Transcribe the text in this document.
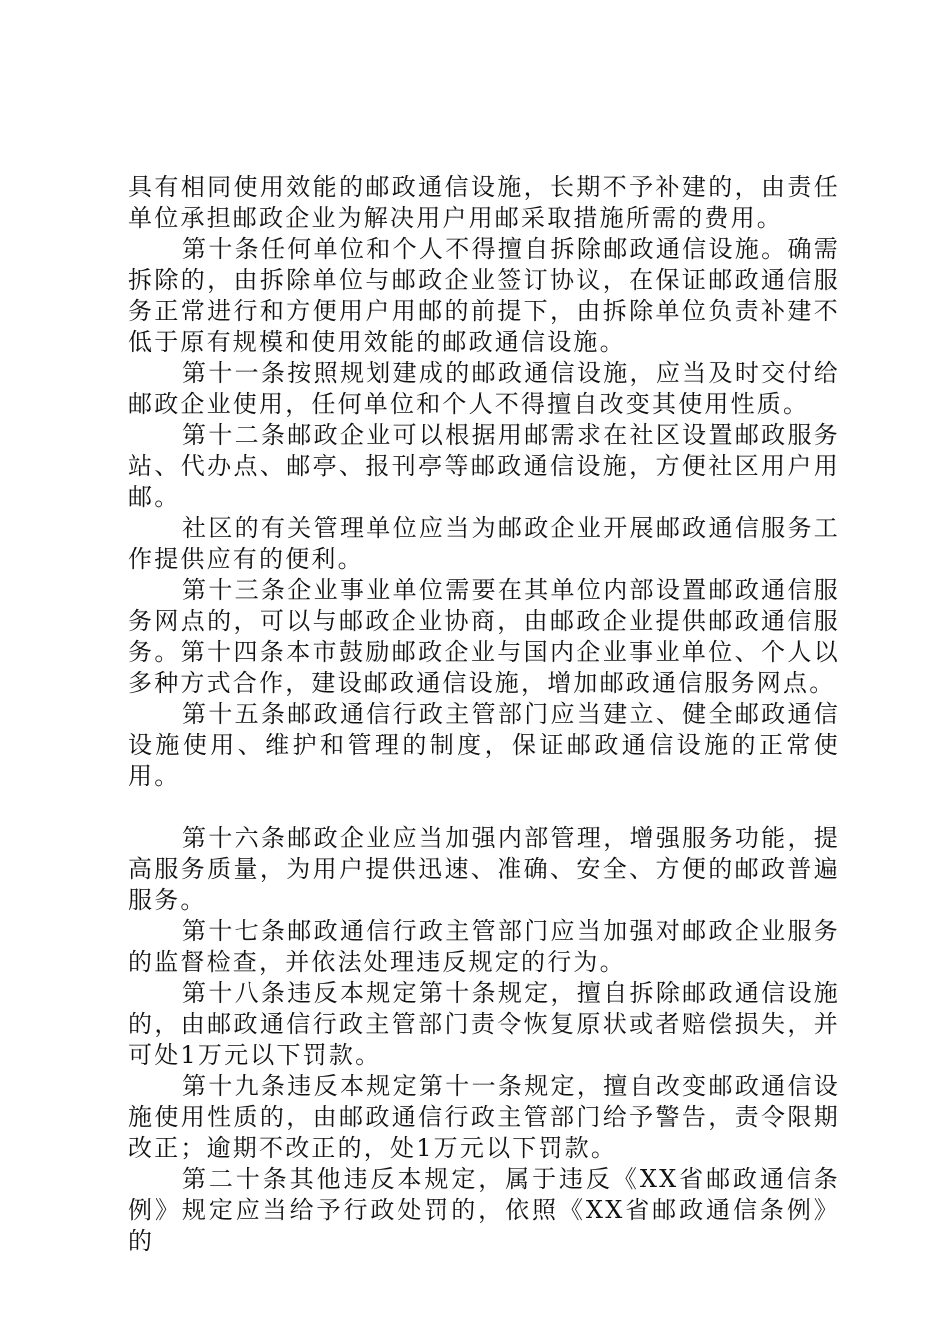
具有相同使用效能的邮政通信设施，长期不予补建的，由责任单位承担邮政企业为解决用户用邮采取措施所需的费用。

第十条任何单位和个人不得擅自拆除邮政通信设施。确需拆除的，由拆除单位与邮政企业签订协议，在保证邮政通信服务正常进行和方便用户用邮的前提下，由拆除单位负责补建不低于原有规模和使用效能的邮政通信设施。

第十一条按照规划建成的邮政通信设施，应当及时交付给邮政企业使用，任何单位和个人不得擅自改变其使用性质。

第十二条邮政企业可以根据用邮需求在社区设置邮政服务站、代办点、邮亭、报刊亭等邮政通信设施，方便社区用户用邮。

社区的有关管理单位应当为邮政企业开展邮政通信服务工作提供应有的便利。

第十三条企业事业单位需要在其单位内部设置邮政通信服务网点的，可以与邮政企业协商，由邮政企业提供邮政通信服务。第十四条本市鼓励邮政企业与国内企业事业单位、个人以多种方式合作，建设邮政通信设施，增加邮政通信服务网点。

第十五条邮政通信行政主管部门应当建立、健全邮政通信设施使用、维护和管理的制度，保证邮政通信设施的正常使用。

第十六条邮政企业应当加强内部管理，增强服务功能，提高服务质量，为用户提供迅速、准确、安全、方便的邮政普遍服务。

第十七条邮政通信行政主管部门应当加强对邮政企业服务的监督检查，并依法处理违反规定的行为。

第十八条违反本规定第十条规定，擅自拆除邮政通信设施的，由邮政通信行政主管部门责令恢复原状或者赔偿损失，并可处1万元以下罚款。

第十九条违反本规定第十一条规定，擅自改变邮政通信设施使用性质的，由邮政通信行政主管部门给予警告，责令限期改正；逾期不改正的，处1万元以下罚款。

第二十条其他违反本规定，属于违反《XX省邮政通信条例》规定应当给予行政处罚的，依照《XX省邮政通信条例》的
